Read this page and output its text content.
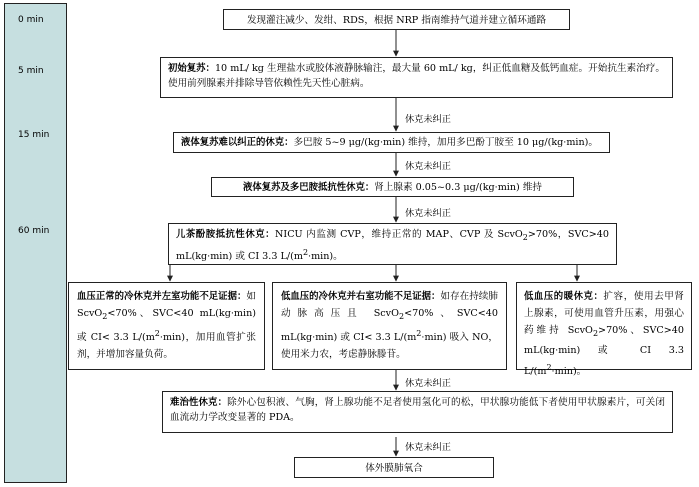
0 min
5 min
15 min
60 min
发现灌注减少、发绀、RDS，根据 NRP 指南维持气道并建立循环通路
初始复苏：10 mL/ kg 生理盐水或胶体液静脉输注，最大量 60 mL/ kg，纠正低血糖及低钙血症。开始抗生素治疗。使用前列腺素并排除导管依赖性先天性心脏病。
休克未纠正
液体复苏难以纠正的休克：多巴胺 5~9 μg/(kg·min) 维持，加用多巴酚丁胺至 10 μg/(kg·min)。
休克未纠正
液体复苏及多巴胺抵抗性休克：肾上腺素 0.05~0.3 μg/(kg·min) 维持
休克未纠正
儿茶酚胺抵抗性休克：NICU 内监测 CVP，维持正常的 MAP、CVP 及 ScvO$_2$>70%，SVC>40 mL(kg·min) 或 CI 3.3 $L/(m^2\cdot\min)$。
血压正常的冷休克并左室功能不足证据：如 ScvO$_2$<70%、SVC<40 mL(kg·min) 或 CI< 3.3 $L/(m^2\cdot\min)$，加用血管扩张剂，并增加容量负荷。
低血压的冷休克并右室功能不足证据：如存在持续肺动脉高压且 ScvO$_2$<70%、SVC<40 mL(kg·min) 或 CI< 3.3 $L/(m^2\cdot\min)$ 吸入 NO，使用米力农，考虑静脉滕苷。
低血压的暖休克：扩容，使用去甲肾上腺素，可使用血管升压素，用强心药维持 ScvO$_2$>70%、SVC>40 mL(kg·min) 或 CI 3.3 $L/(m^2\cdot\min)$。
休克未纠正
难治性休克：除外心包积液、气胸，肾上腺功能不足者使用氢化可的松，甲状腺功能低下者使用甲状腺素片，可关闭血流动力学改变显著的 PDA。
休克未纠正
体外膜肺氧合
